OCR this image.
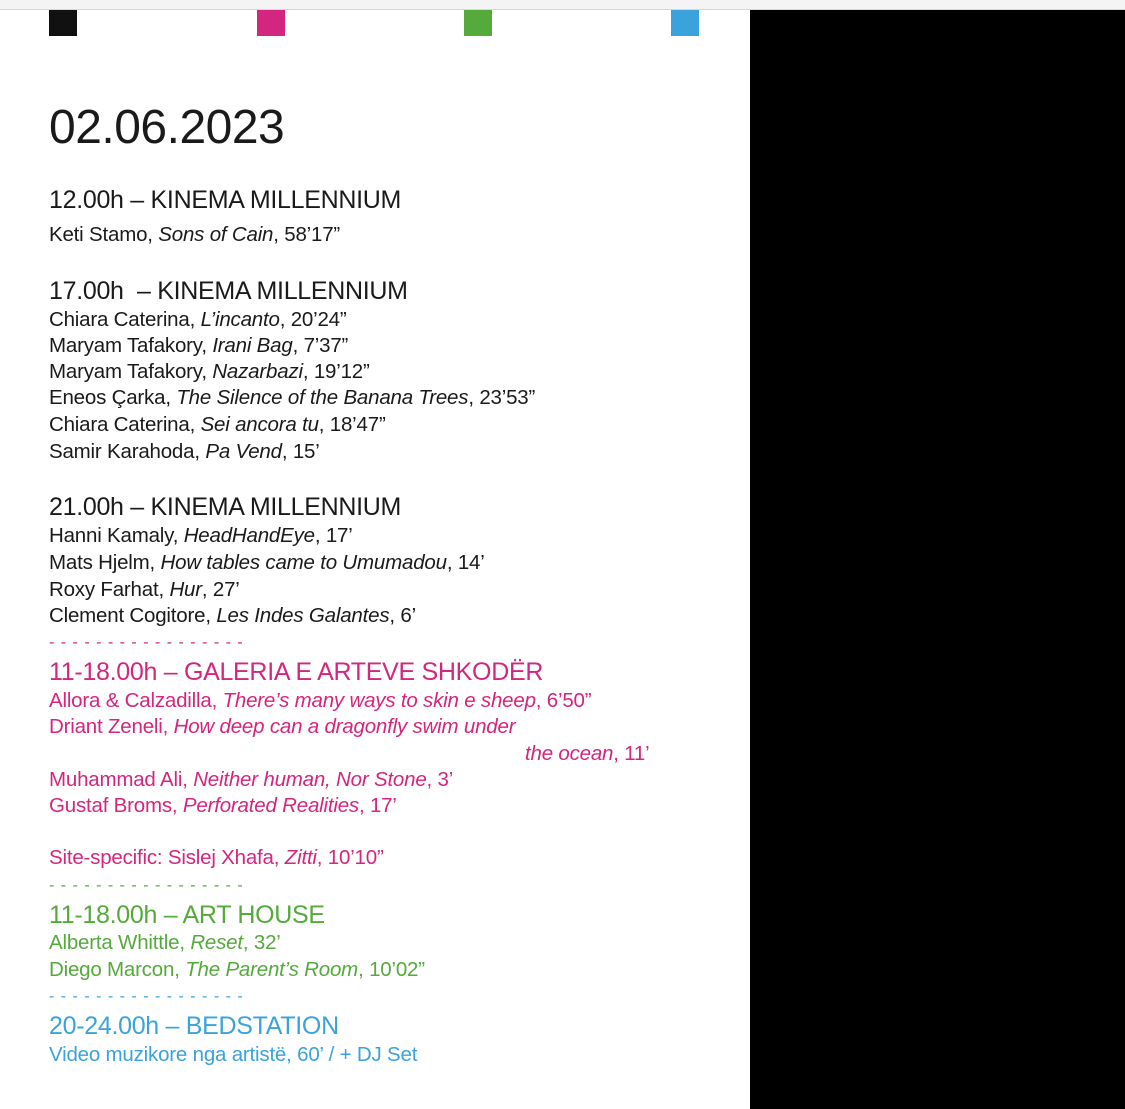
02.06.2023
12.00h – KINEMA MILLENNIUM
Keti Stamo, Sons of Cain, 58’17”
17.00h  – KINEMA MILLENNIUM
Chiara Caterina, L’incanto, 20’24”
Maryam Tafakory, Irani Bag, 7’37”
Maryam Tafakory, Nazarbazi, 19’12”
Eneos Çarka, The Silence of the Banana Trees, 23’53”
Chiara Caterina, Sei ancora tu, 18’47”
Samir Karahoda, Pa Vend, 15’
21.00h – KINEMA MILLENNIUM
Hanni Kamaly, HeadHandEye, 17’
Mats Hjelm, How tables came to Umumadou, 14’
Roxy Farhat, Hur, 27’
Clement Cogitore, Les Indes Galantes, 6’
- - - - - - - - - - - - - - - - -
11-18.00h – GALERIA E ARTEVE SHKODËR
Allora & Calzadilla, There’s many ways to skin e sheep, 6’50”
Driant Zeneli, How deep can a dragonfly swim under
the ocean, 11’
Muhammad Ali, Neither human, Nor Stone, 3’
Gustaf Broms, Perforated Realities, 17’
Site-specific: Sislej Xhafa, Zitti, 10’10”
- - - - - - - - - - - - - - - - -
11-18.00h – ART HOUSE
Alberta Whittle, Reset, 32’
Diego Marcon, The Parent’s Room, 10’02”
- - - - - - - - - - - - - - - - -
20-24.00h – BEDSTATION
Video muzikore nga artistë, 60’ / + DJ Set
